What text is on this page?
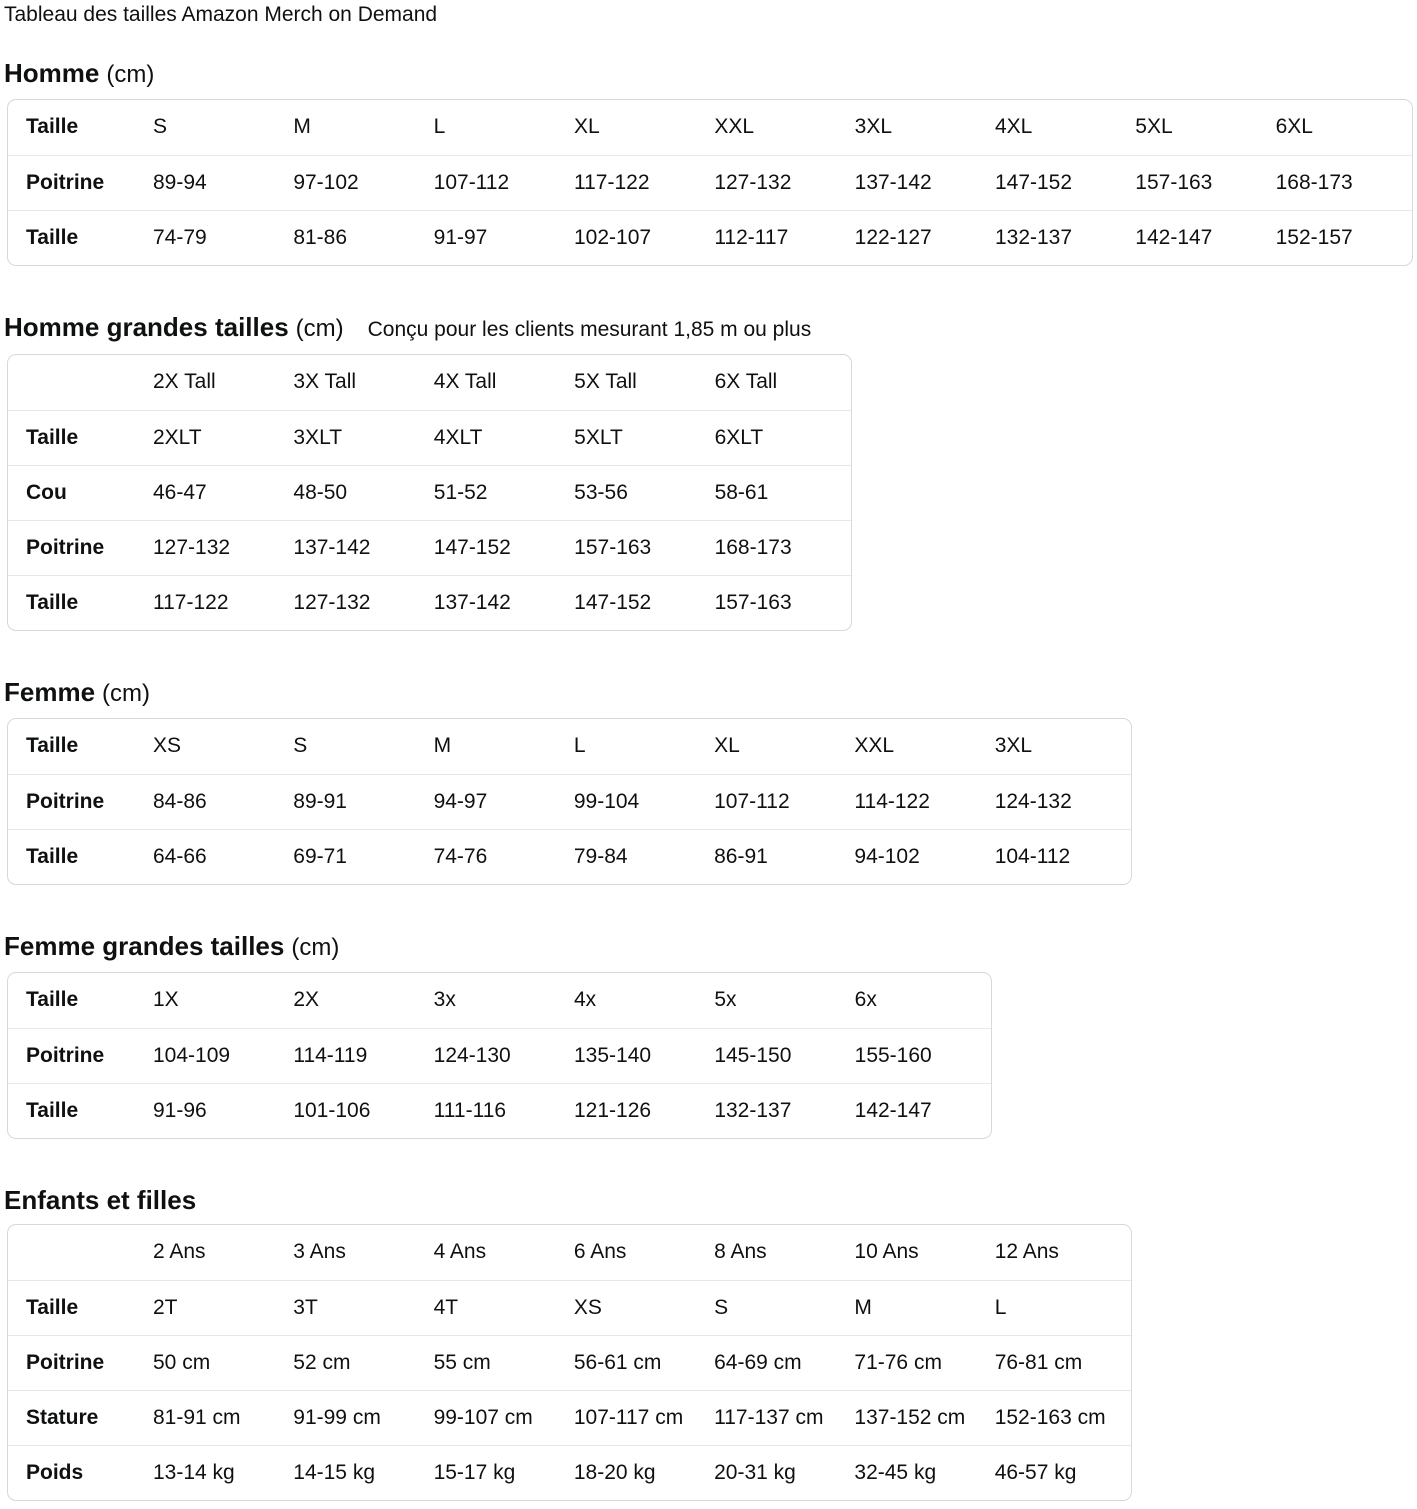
Tableau des tailles Amazon Merch on Demand
Homme (cm)
Taille	S	M	L	XL	XXL	3XL	4XL	5XL	6XL
Poitrine	89-94	97-102	107-112	117-122	127-132	137-142	147-152	157-163	168-173
Taille	74-79	81-86	91-97	102-107	112-117	122-127	132-137	142-147	152-157
Homme grandes tailles (cm) Conçu pour les clients mesurant 1,85 m ou plus
	2X Tall	3X Tall	4X Tall	5X Tall	6X Tall
Taille	2XLT	3XLT	4XLT	5XLT	6XLT
Cou	46-47	48-50	51-52	53-56	58-61
Poitrine	127-132	137-142	147-152	157-163	168-173
Taille	117-122	127-132	137-142	147-152	157-163
Femme (cm)
Taille	XS	S	M	L	XL	XXL	3XL
Poitrine	84-86	89-91	94-97	99-104	107-112	114-122	124-132
Taille	64-66	69-71	74-76	79-84	86-91	94-102	104-112
Femme grandes tailles (cm)
Taille	1X	2X	3x	4x	5x	6x
Poitrine	104-109	114-119	124-130	135-140	145-150	155-160
Taille	91-96	101-106	111-116	121-126	132-137	142-147
Enfants et filles
	2 Ans	3 Ans	4 Ans	6 Ans	8 Ans	10 Ans	12 Ans
Taille	2T	3T	4T	XS	S	M	L
Poitrine	50 cm	52 cm	55 cm	56-61 cm	64-69 cm	71-76 cm	76-81 cm
Stature	81-91 cm	91-99 cm	99-107 cm	107-117 cm	117-137 cm	137-152 cm	152-163 cm
Poids	13-14 kg	14-15 kg	15-17 kg	18-20 kg	20-31 kg	32-45 kg	46-57 kg
